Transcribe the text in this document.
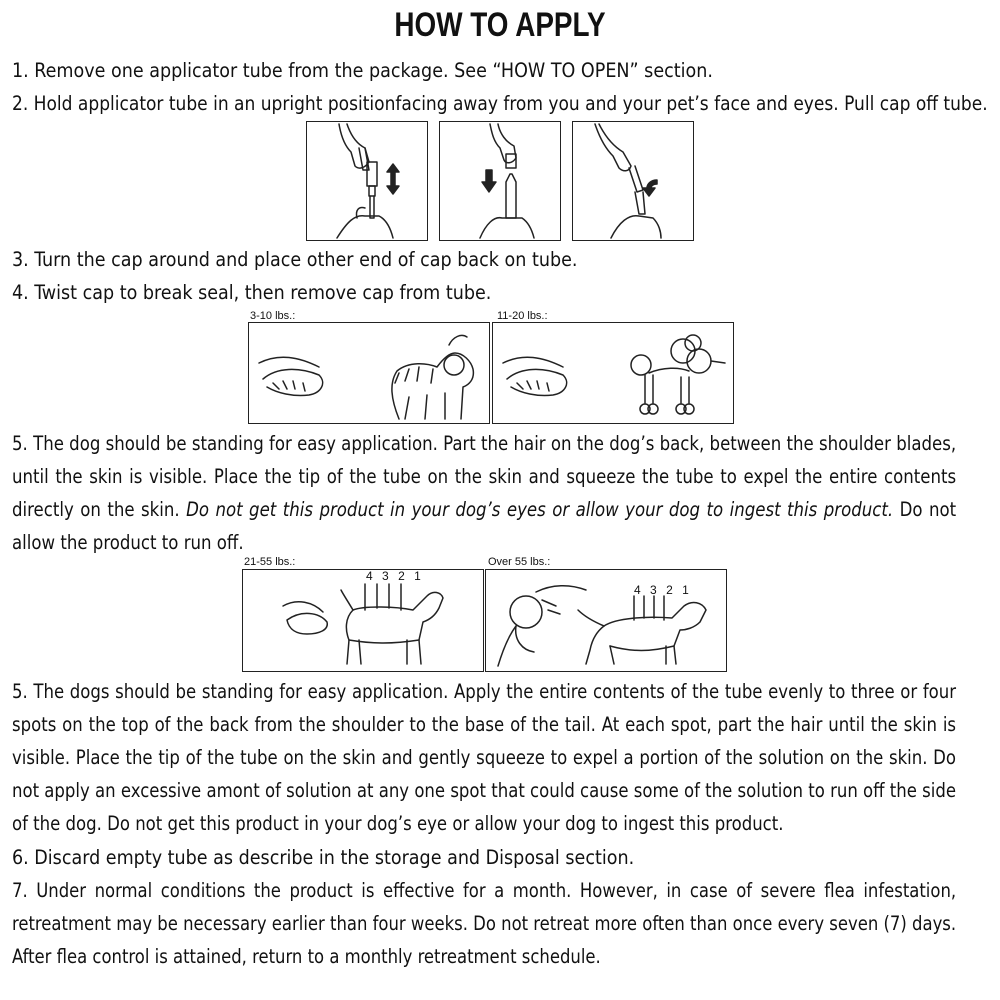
HOW TO APPLY
1. Remove one applicator tube from the package. See “HOW TO OPEN” section.
2. Hold applicator tube in an upright positionfacing away from you and your pet’s face and eyes. Pull cap off tube.
3. Turn the cap around and place other end of cap back on tube.
4. Twist cap to break seal, then remove cap from tube.
3-10 lbs.:	11-20 lbs.:
5. The dog should be standing for easy application. Part the hair on the dog’s back, between the shoulder blades,
until the skin is visible. Place the tip of the tube on the skin and squeeze the tube to expel the entire contents
directly on the skin. Do not get this product in your dog’s eyes or allow your dog to ingest this product. Do not
allow the product to run off.
21-55 lbs.:	Over 55 lbs.:
4 3 2 1
4 3 2 1
5. The dogs should be standing for easy application. Apply the entire contents of the tube evenly to three or four
spots on the top of the back from the shoulder to the base of the tail. At each spot, part the hair until the skin is
visible. Place the tip of the tube on the skin and gently squeeze to expel a portion of the solution on the skin. Do
not apply an excessive amont of solution at any one spot that could cause some of the solution to run off the side
of the dog. Do not get this product in your dog’s eye or allow your dog to ingest this product.
6. Discard empty tube as describe in the storage and Disposal section.
7. Under normal conditions the product is effective for a month. However, in case of severe flea infestation,
retreatment may be necessary earlier than four weeks. Do not retreat more often than once every seven (7) days.
After flea control is attained, return to a monthly retreatment schedule.
